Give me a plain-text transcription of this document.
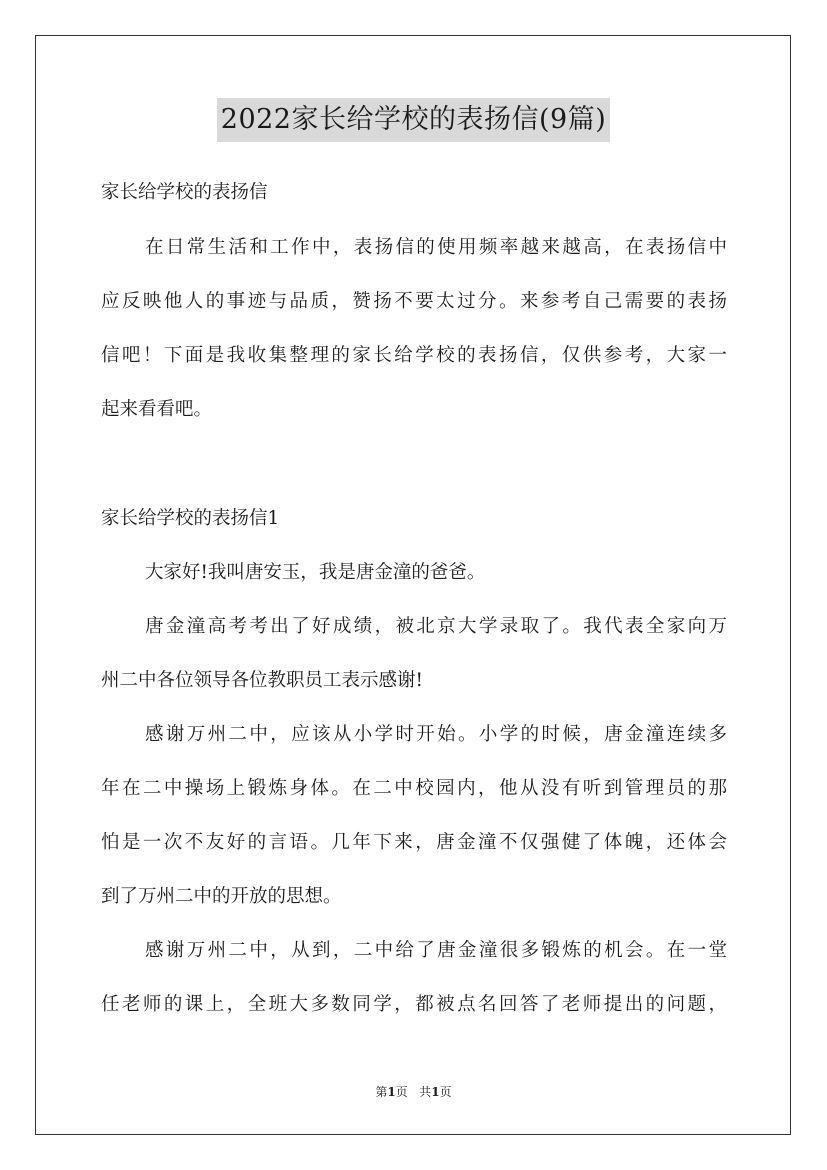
2022家长给学校的表扬信(9篇)
家长给学校的表扬信
在日常生活和工作中，表扬信的使用频率越来越高，在表扬信中
应反映他人的事迹与品质，赞扬不要太过分。来参考自己需要的表扬
信吧！下面是我收集整理的家长给学校的表扬信，仅供参考，大家一
起来看看吧。
家长给学校的表扬信1
大家好!我叫唐安玉，我是唐金潼的爸爸。
唐金潼高考考出了好成绩，被北京大学录取了。我代表全家向万
州二中各位领导各位教职员工表示感谢!
感谢万州二中，应该从小学时开始。小学的时候，唐金潼连续多
年在二中操场上锻炼身体。在二中校园内，他从没有听到管理员的那
怕是一次不友好的言语。几年下来，唐金潼不仅强健了体魄，还体会
到了万州二中的开放的思想。
感谢万州二中，从到，二中给了唐金潼很多锻炼的机会。在一堂
任老师的课上，全班大多数同学，都被点名回答了老师提出的问题，
第1页 共1页
